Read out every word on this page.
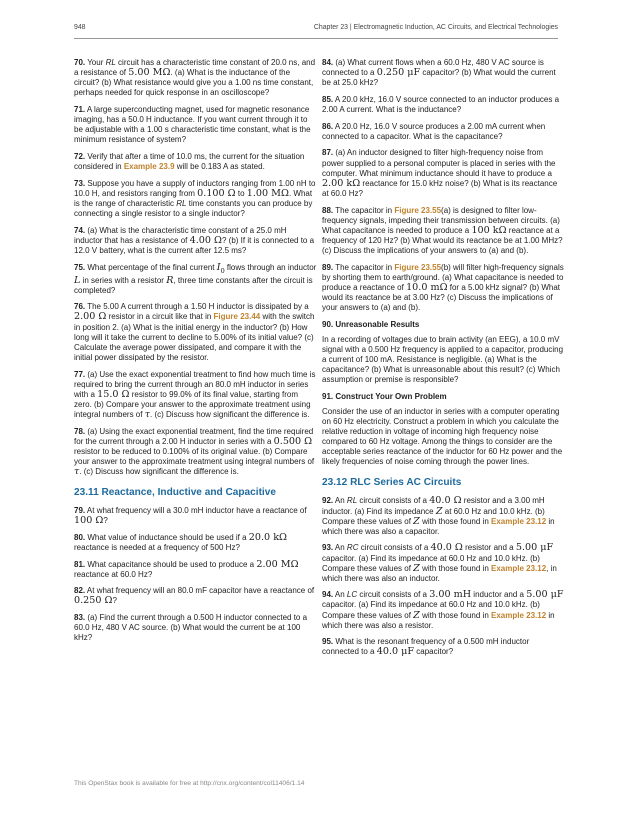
948	Chapter 23 | Electromagnetic Induction, AC Circuits, and Electrical Technologies

70. Your RL circuit has a characteristic time constant of 20.0 ns, and a resistance of 5.00 MΩ. (a) What is the inductance of the circuit? (b) What resistance would give you a 1.00 ns time constant, perhaps needed for quick response in an oscilloscope?

71. A large superconducting magnet, used for magnetic resonance imaging, has a 50.0 H inductance. If you want current through it to be adjustable with a 1.00 s characteristic time constant, what is the minimum resistance of system?

72. Verify that after a time of 10.0 ms, the current for the situation considered in Example 23.9 will be 0.183 A as stated.

73. Suppose you have a supply of inductors ranging from 1.00 nH to 10.0 H, and resistors ranging from 0.100 Ω to 1.00 MΩ. What is the range of characteristic RL time constants you can produce by connecting a single resistor to a single inductor?

74. (a) What is the characteristic time constant of a 25.0 mH inductor that has a resistance of 4.00 Ω? (b) If it is connected to a 12.0 V battery, what is the current after 12.5 ms?

75. What percentage of the final current $I_0$ flows through an inductor L in series with a resistor R, three time constants after the circuit is completed?

76. The 5.00 A current through a 1.50 H inductor is dissipated by a 2.00 Ω resistor in a circuit like that in Figure 23.44 with the switch in position 2. (a) What is the initial energy in the inductor? (b) How long will it take the current to decline to 5.00% of its initial value? (c) Calculate the average power dissipated, and compare it with the initial power dissipated by the resistor.

77. (a) Use the exact exponential treatment to find how much time is required to bring the current through an 80.0 mH inductor in series with a 15.0 Ω resistor to 99.0% of its final value, starting from zero. (b) Compare your answer to the approximate treatment using integral numbers of τ. (c) Discuss how significant the difference is.

78. (a) Using the exact exponential treatment, find the time required for the current through a 2.00 H inductor in series with a 0.500 Ω resistor to be reduced to 0.100% of its original value. (b) Compare your answer to the approximate treatment using integral numbers of τ. (c) Discuss how significant the difference is.

23.11 Reactance, Inductive and Capacitive

79. At what frequency will a 30.0 mH inductor have a reactance of 100 Ω?

80. What value of inductance should be used if a 20.0 kΩ reactance is needed at a frequency of 500 Hz?

81. What capacitance should be used to produce a 2.00 MΩ reactance at 60.0 Hz?

82. At what frequency will an 80.0 mF capacitor have a reactance of 0.250 Ω?

83. (a) Find the current through a 0.500 H inductor connected to a 60.0 Hz, 480 V AC source. (b) What would the current be at 100 kHz?

84. (a) What current flows when a 60.0 Hz, 480 V AC source is connected to a 0.250 μF capacitor? (b) What would the current be at 25.0 kHz?

85. A 20.0 kHz, 16.0 V source connected to an inductor produces a 2.00 A current. What is the inductance?

86. A 20.0 Hz, 16.0 V source produces a 2.00 mA current when connected to a capacitor. What is the capacitance?

87. (a) An inductor designed to filter high-frequency noise from power supplied to a personal computer is placed in series with the computer. What minimum inductance should it have to produce a 2.00 kΩ reactance for 15.0 kHz noise? (b) What is its reactance at 60.0 Hz?

88. The capacitor in Figure 23.55(a) is designed to filter low-frequency signals, impeding their transmission between circuits. (a) What capacitance is needed to produce a 100 kΩ reactance at a frequency of 120 Hz? (b) What would its reactance be at 1.00 MHz? (c) Discuss the implications of your answers to (a) and (b).

89. The capacitor in Figure 23.55(b) will filter high-frequency signals by shorting them to earth/ground. (a) What capacitance is needed to produce a reactance of 10.0 mΩ for a 5.00 kHz signal? (b) What would its reactance be at 3.00 Hz? (c) Discuss the implications of your answers to (a) and (b).

90. Unreasonable Results

In a recording of voltages due to brain activity (an EEG), a 10.0 mV signal with a 0.500 Hz frequency is applied to a capacitor, producing a current of 100 mA. Resistance is negligible. (a) What is the capacitance? (b) What is unreasonable about this result? (c) Which assumption or premise is responsible?

91. Construct Your Own Problem

Consider the use of an inductor in series with a computer operating on 60 Hz electricity. Construct a problem in which you calculate the relative reduction in voltage of incoming high frequency noise compared to 60 Hz voltage. Among the things to consider are the acceptable series reactance of the inductor for 60 Hz power and the likely frequencies of noise coming through the power lines.

23.12 RLC Series AC Circuits

92. An RL circuit consists of a 40.0 Ω resistor and a 3.00 mH inductor. (a) Find its impedance Z at 60.0 Hz and 10.0 kHz. (b) Compare these values of Z with those found in Example 23.12 in which there was also a capacitor.

93. An RC circuit consists of a 40.0 Ω resistor and a 5.00 μF capacitor. (a) Find its impedance at 60.0 Hz and 10.0 kHz. (b) Compare these values of Z with those found in Example 23.12, in which there was also an inductor.

94. An LC circuit consists of a 3.00 mH inductor and a 5.00 μF capacitor. (a) Find its impedance at 60.0 Hz and 10.0 kHz. (b) Compare these values of Z with those found in Example 23.12 in which there was also a resistor.

95. What is the resonant frequency of a 0.500 mH inductor connected to a 40.0 μF capacitor?

This OpenStax book is available for free at http://cnx.org/content/col11406/1.14
